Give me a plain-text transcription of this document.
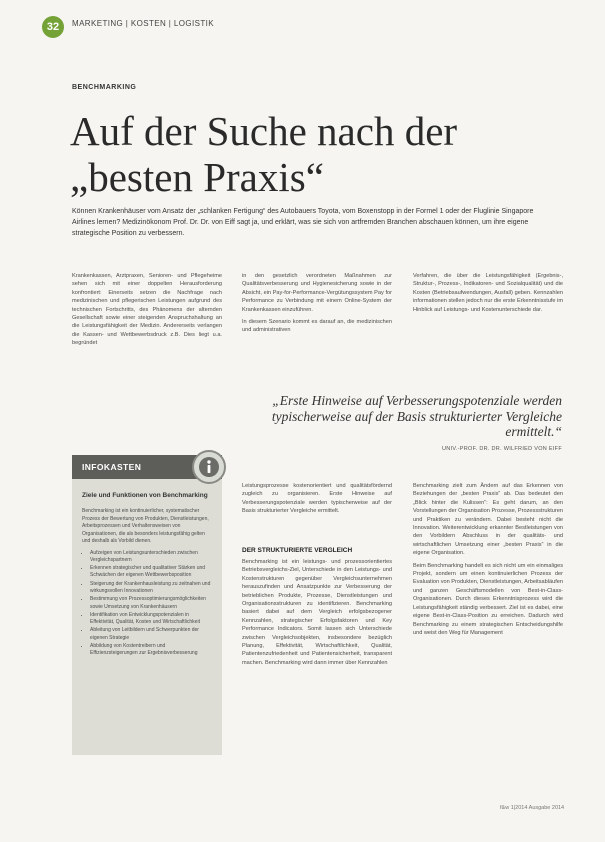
32	MARKETING | KOSTEN | LOGISTIK
BENCHMARKING
Auf der Suche nach der
„besten Praxis“
Können Krankenhäuser vom Ansatz der „schlanken Fertigung“ des Autobauers Toyota, vom Boxenstopp in der Formel 1 oder der Fluglinie Singapore Airlines lernen? Medizinökonom Prof. Dr. Dr. von Eiff sagt ja, und erklärt, was sie sich von artfremden Branchen abschauen können, um ihre eigene strategische Position zu verbessern.

Krankenkassen, Arztpraxen, Senioren- und Pflegeheime sehen sich mit einer doppelten Herausforderung konfrontiert: Einerseits setzen die Nachfrage nach medizinischen und pflegerischen Leistungen aufgrund des technischen Fortschritts, des Phänomens der alternden Gesellschaft sowie einer steigenden Anspruchshaltung an die Leistungsfähigkeit der Medizin. Andererseits verlangen die Kassen- und Wettbewerbsdruck z.B. Dies liegt u.a. begründet

in den gesetzlich verordneten Maßnahmen zur Qualitätsverbesserung und Hygienesicherung sowie in der Absicht, ein Pay-for-Performance-Vergütungssystem Pay for Performance zu Verbindung mit einem Online-System der Krankenkassen einzuführen.

In diesem Szenario kommt es darauf an, die medizinischen und administrativen

Verfahren, die über die Leistungsfähigkeit (Ergebnis-, Struktur-, Prozess-, Indikatoren- und Sozialqualität) und die Kosten (Betriebsaufwendungen, Ausfall) geben. Kennzahlen informationen stellen jedoch nur die erste Erkenntnisstufe im Hinblick auf Leistungs- und Kostenunterschiede dar.

„Erste Hinweise auf Verbesserungspotenziale werden typischerweise auf der Basis strukturierter Vergleiche ermittelt.“
UNIV.-PROF. DR. DR. WILFRIED VON EIFF
INFOKASTEN
Ziele und Funktionen von Benchmarking
Benchmarking ist ein kontinuierlicher, systematischer Prozess der Bewertung von Produkten, Dienstleistungen, Arbeitsprozessen und Verhaltensweisen von Organisationen, die als besonders leistungsfähig gelten und deshalb als Vorbild dienen.
• Aufzeigen von Leistungsunterschieden zwischen Vergleichspartnern
• Erkennen strategischer und qualitativer Stärken und Schwächen der eigenen Wettbewerbsposition
• Steigerung der Krankenhausleistung zu zeitnahen und wirkungsvollen Innovationen
• Bestimmung von Prozessoptimierungsmöglichkeiten sowie Umsetzung von Krankenhäusern
• Identifikation von Entwicklungspotenzialen in Effektivität, Qualität, Kosten und Wirtschaftlichkeit
• Ableitung von Leitbildern und Schwerpunkten der eigenen Strategie
• Abbildung von Kostentreibern und Effizienzsteigerungen zur Ergebnisverbesserung

Leistungsprozesse kostenorientiert und qualitätsfördernd zugleich zu organisieren. Erste Hinweise auf Verbesserungspotenziale werden typischerweise auf der Basis strukturierter Vergleiche ermittelt.

DER STRUKTURIERTE VERGLEICH

Benchmarking ist ein leistungs- und prozessorientiertes Betriebsvergleichs-Ziel, Unterschiede in den Leistungs- und Kostenstrukturen gegenüber Vergleichsunternehmen herauszufinden und Ansatzpunkte zur Verbesserung der betrieblichen Produkte, Prozesse, Dienstleistungen und Organisationsstrukturen zu identifizieren. Benchmarking basiert dabei auf dem Vergleich erfolgsbezogener Kennzahlen, strategischer Erfolgsfaktoren und Key Performance Indicators. Somit lassen sich Unterschiede zwischen Vergleichsobjekten, insbesondere bezüglich Planung, Effektivität, Wirtschaftlichkeit, Qualität, Patientenzufriedenheit und Patientensicherheit, transparent machen. Benchmarking wird dann immer über Kennzahlen

Benchmarking zielt zum Ändern auf das Erkennen von Beziehungen der „besten Praxis“ ab. Das bedeutet den „Blick hinter die Kulissen“: Es geht darum, an den Vorstellungen der Organisation Prozesse, Prozessstrukturen und Praktiken zu verändern. Dabei besteht nicht die Innovation. Weiterentwicklung erkannter Bestleistungen von den Vorbildern Abschluss in der qualitäts- und wirtschaftlichen Umsetzung einer „besten Praxis“ in die eigene Organisation.

Beim Benchmarking handelt es sich nicht um ein einmaliges Projekt, sondern um einen kontinuierlichen Prozess der Evaluation von Produkten, Dienstleistungen, Arbeitsabläufen und ganzen Geschäftsmodellen von Best-in-Class-Organisationen. Durch dieses Erkenntnisprozess wird die Leistungsfähigkeit ständig verbessert. Ziel ist es dabei, eine eigene Best-in-Class-Position zu erreichen. Dadurch wird Benchmarking zu einem strategischen Entscheidungshilfe und weist den Weg für Management

f&w 1|2014 Ausgabe 2014
